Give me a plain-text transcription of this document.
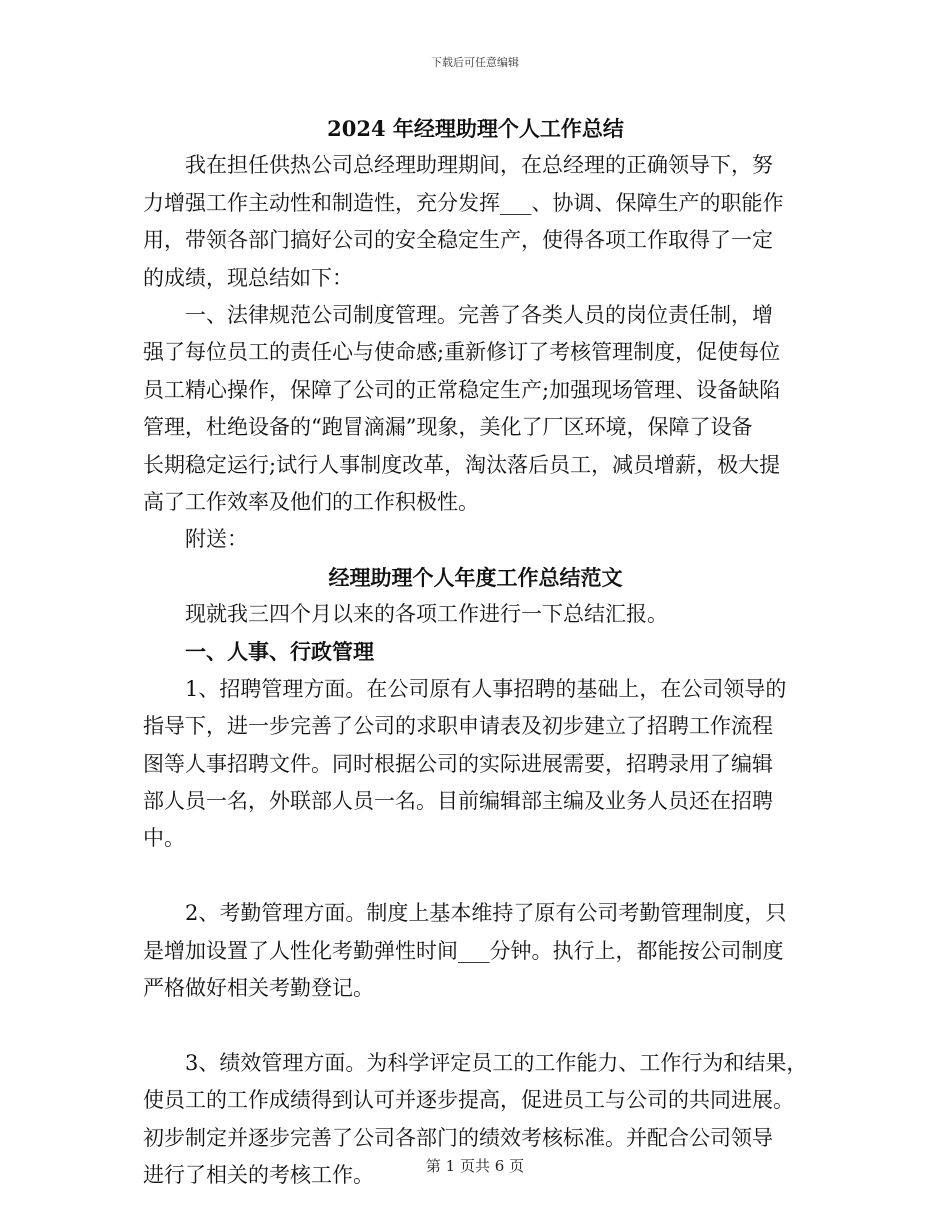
下载后可任意编辑
2024 年经理助理个人工作总结
我在担任供热公司总经理助理期间，在总经理的正确领导下，努
力增强工作主动性和制造性，充分发挥___、协调、保障生产的职能作
用，带领各部门搞好公司的安全稳定生产，使得各项工作取得了一定
的成绩，现总结如下：
一、法律规范公司制度管理。完善了各类人员的岗位责任制，增
强了每位员工的责任心与使命感;重新修订了考核管理制度，促使每位
员工精心操作，保障了公司的正常稳定生产;加强现场管理、设备缺陷
管理，杜绝设备的“跑冒滴漏”现象，美化了厂区环境，保障了设备
长期稳定运行;试行人事制度改革，淘汰落后员工，减员增薪，极大提
高了工作效率及他们的工作积极性。
附送：
经理助理个人年度工作总结范文
现就我三四个月以来的各项工作进行一下总结汇报。
一、人事、行政管理
1、招聘管理方面。在公司原有人事招聘的基础上，在公司领导的
指导下，进一步完善了公司的求职申请表及初步建立了招聘工作流程
图等人事招聘文件。同时根据公司的实际进展需要，招聘录用了编辑
部人员一名，外联部人员一名。目前编辑部主编及业务人员还在招聘
中。
2、考勤管理方面。制度上基本维持了原有公司考勤管理制度，只
是增加设置了人性化考勤弹性时间___分钟。执行上，都能按公司制度
严格做好相关考勤登记。
3、绩效管理方面。为科学评定员工的工作能力、工作行为和结果，
使员工的工作成绩得到认可并逐步提高，促进员工与公司的共同进展。
初步制定并逐步完善了公司各部门的绩效考核标准。并配合公司领导
进行了相关的考核工作。	第 1 页共 6 页
